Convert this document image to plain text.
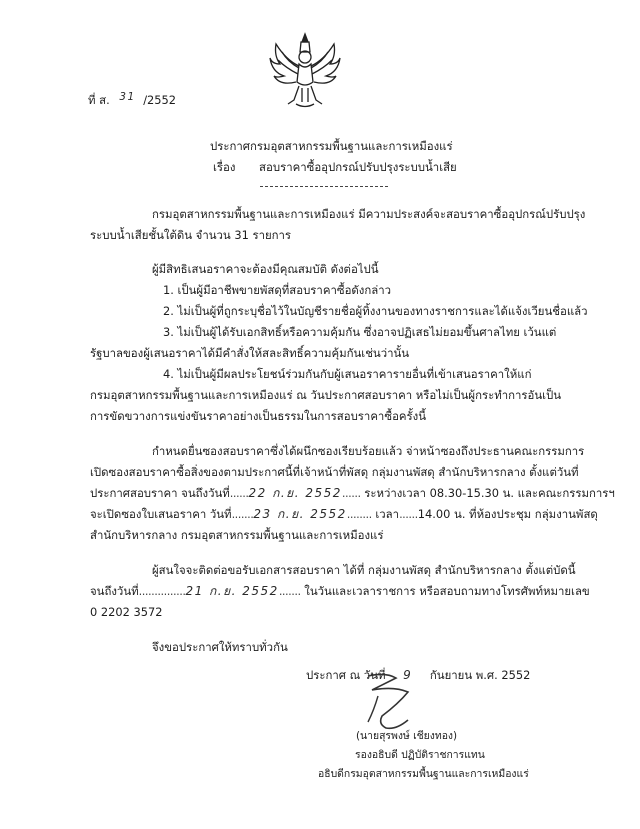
ที่ ส. 31 /2552
ประกาศกรมอุตสาหกรรมพื้นฐานและการเหมืองแร่
เรื่อง สอบราคาซื้ออุปกรณ์ปรับปรุงระบบน้ำเสีย
กรมอุตสาหกรรมพื้นฐานและการเหมืองแร่ มีความประสงค์จะสอบราคาซื้ออุปกรณ์ปรับปรุง
ระบบน้ำเสียชั้นใต้ดิน จำนวน 31 รายการ
ผู้มีสิทธิเสนอราคาจะต้องมีคุณสมบัติ ดังต่อไปนี้
1. เป็นผู้มีอาชีพขายพัสดุที่สอบราคาซื้อดังกล่าว
2. ไม่เป็นผู้ที่ถูกระบุชื่อไว้ในบัญชีรายชื่อผู้ทิ้งงานของทางราชการและได้แจ้งเวียนชื่อแล้ว
3. ไม่เป็นผู้ได้รับเอกสิทธิ์หรือความคุ้มกัน ซึ่งอาจปฏิเสธไม่ยอมขึ้นศาลไทย เว้นแต่
รัฐบาลของผู้เสนอราคาได้มีคำสั่งให้สละสิทธิ์ความคุ้มกันเช่นว่านั้น
4. ไม่เป็นผู้มีผลประโยชน์ร่วมกันกับผู้เสนอราคารายอื่นที่เข้าเสนอราคาให้แก่
กรมอุตสาหกรรมพื้นฐานและการเหมืองแร่ ณ วันประกาศสอบราคา หรือไม่เป็นผู้กระทำการอันเป็น
การขัดขวางการแข่งขันราคาอย่างเป็นธรรมในการสอบราคาซื้อครั้งนี้
กำหนดยื่นซองสอบราคาซึ่งได้ผนึกซองเรียบร้อยแล้ว จ่าหน้าซองถึงประธานคณะกรรมการ
เปิดซองสอบราคาซื้อสิ่งของตามประกาศนี้ที่เจ้าหน้าที่พัสดุ กลุ่มงานพัสดุ สำนักบริหารกลาง ตั้งแต่วันที่
ประกาศสอบราคา จนถึงวันที่......22 ก.ย. 2552...... ระหว่างเวลา 08.30-15.30 น. และคณะกรรมการฯ
จะเปิดซองใบเสนอราคา วันที่.......23 ก.ย. 2552........ เวลา......14.00 น. ที่ห้องประชุม กลุ่มงานพัสดุ
สำนักบริหารกลาง กรมอุตสาหกรรมพื้นฐานและการเหมืองแร่
ผู้สนใจจะติดต่อขอรับเอกสารสอบราคา ได้ที่ กลุ่มงานพัสดุ สำนักบริหารกลาง ตั้งแต่บัดนี้
จนถึงวันที่...............21 ก.ย. 2552....... ในวันและเวลาราชการ หรือสอบถามทางโทรศัพท์หมายเลข
0 2202 3572
จึงขอประกาศให้ทราบทั่วกัน
ประกาศ ณ วันที่ 9 กันยายน พ.ศ. 2552
(นายสุรพงษ์ เชียงทอง)
รองอธิบดี ปฏิบัติราชการแทน
อธิบดีกรมอุตสาหกรรมพื้นฐานและการเหมืองแร่
